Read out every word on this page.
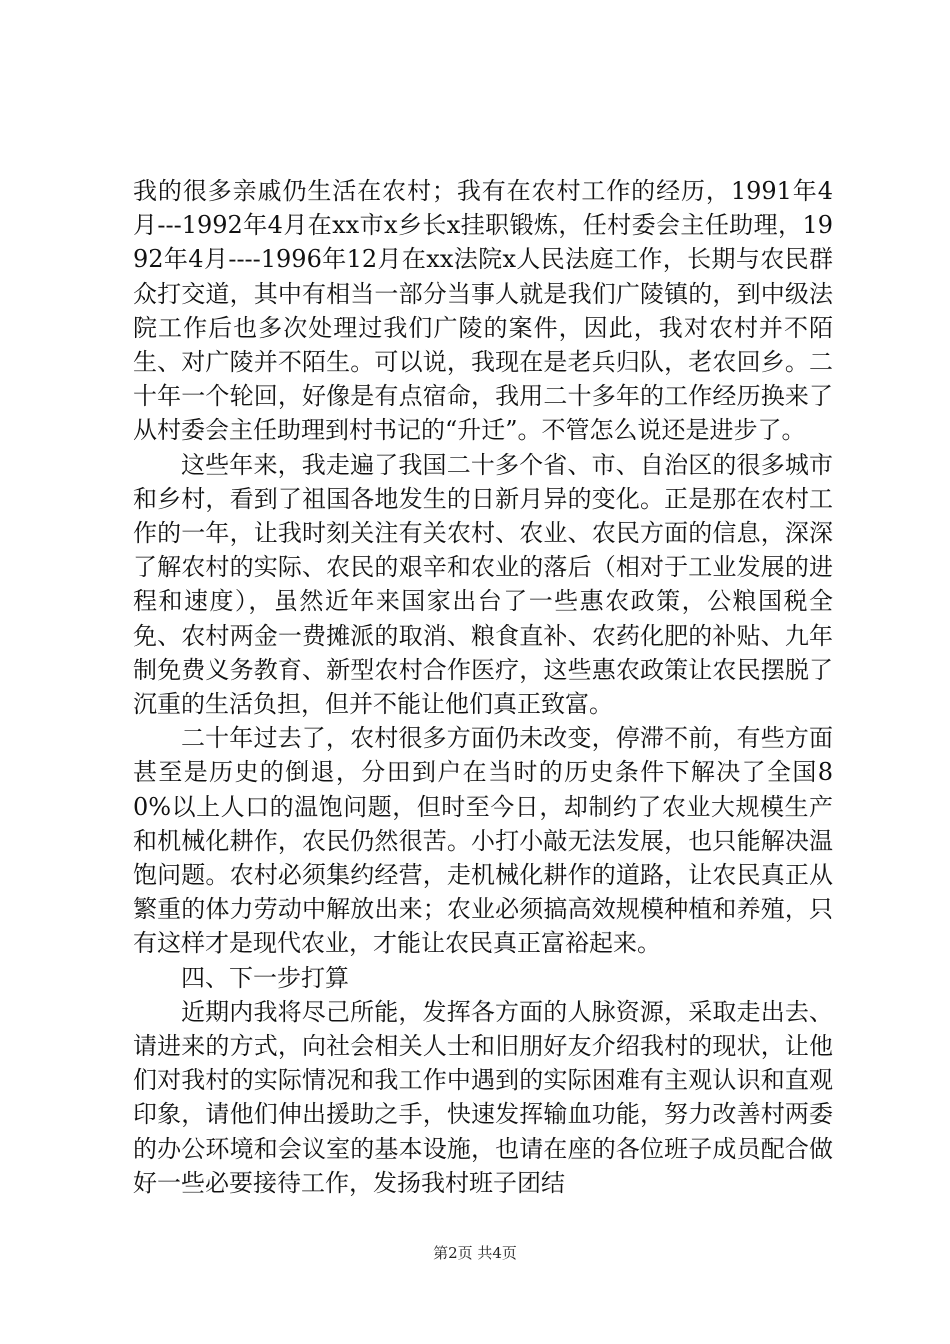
我的很多亲戚仍生活在农村；我有在农村工作的经历，1991年4月---1992年4月在xx市x乡长x挂职锻炼，任村委会主任助理，1992年4月----1996年12月在xx法院x人民法庭工作，长期与农民群众打交道，其中有相当一部分当事人就是我们广陵镇的，到中级法院工作后也多次处理过我们广陵的案件，因此，我对农村并不陌生、对广陵并不陌生。可以说，我现在是老兵归队，老农回乡。二十年一个轮回，好像是有点宿命，我用二十多年的工作经历换来了从村委会主任助理到村书记的“升迁”。不管怎么说还是进步了。

这些年来，我走遍了我国二十多个省、市、自治区的很多城市和乡村，看到了祖国各地发生的日新月异的变化。正是那在农村工作的一年，让我时刻关注有关农村、农业、农民方面的信息，深深了解农村的实际、农民的艰辛和农业的落后（相对于工业发展的进程和速度），虽然近年来国家出台了一些惠农政策，公粮国税全免、农村两金一费摊派的取消、粮食直补、农药化肥的补贴、九年制免费义务教育、新型农村合作医疗，这些惠农政策让农民摆脱了沉重的生活负担，但并不能让他们真正致富。

二十年过去了，农村很多方面仍未改变，停滞不前，有些方面甚至是历史的倒退，分田到户在当时的历史条件下解决了全国80%以上人口的温饱问题，但时至今日，却制约了农业大规模生产和机械化耕作，农民仍然很苦。小打小敲无法发展，也只能解决温饱问题。农村必须集约经营，走机械化耕作的道路，让农民真正从繁重的体力劳动中解放出来；农业必须搞高效规模种植和养殖，只有这样才是现代农业，才能让农民真正富裕起来。

四、下一步打算

近期内我将尽己所能，发挥各方面的人脉资源，采取走出去、请进来的方式，向社会相关人士和旧朋好友介绍我村的现状，让他们对我村的实际情况和我工作中遇到的实际困难有主观认识和直观印象，请他们伸出援助之手，快速发挥输血功能，努力改善村两委的办公环境和会议室的基本设施，也请在座的各位班子成员配合做好一些必要接待工作，发扬我村班子团结

第2页 共4页
